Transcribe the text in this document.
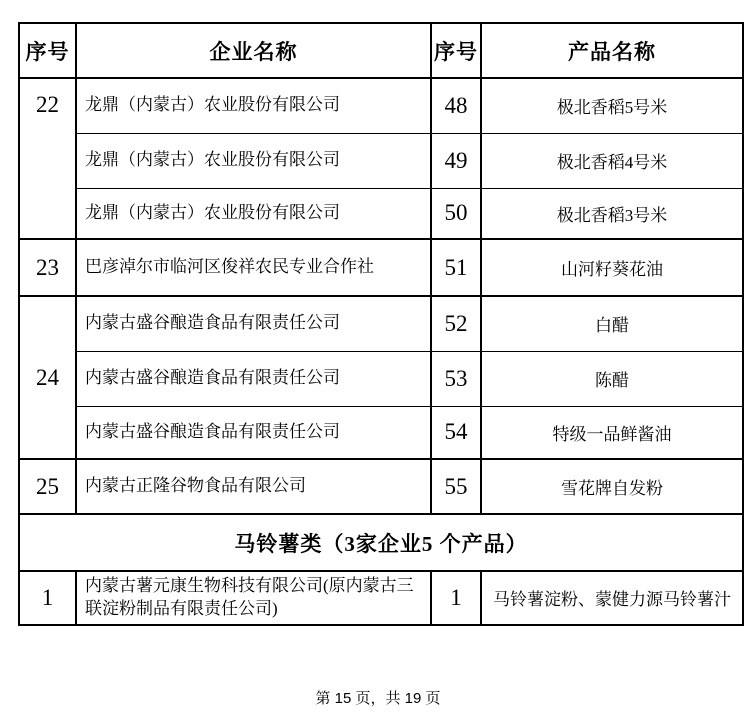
序号	企业名称	序号	产品名称
22	龙鼎（内蒙古）农业股份有限公司	48	极北香稻5号米
	龙鼎（内蒙古）农业股份有限公司	49	极北香稻4号米
	龙鼎（内蒙古）农业股份有限公司	50	极北香稻3号米
23	巴彦淖尔市临河区俊祥农民专业合作社	51	山河籽葵花油
24	内蒙古盛谷酿造食品有限责任公司	52	白醋
	内蒙古盛谷酿造食品有限责任公司	53	陈醋
	内蒙古盛谷酿造食品有限责任公司	54	特级一品鲜酱油
25	内蒙古正隆谷物食品有限公司	55	雪花牌自发粉
马铃薯类（3家企业5 个产品）			
1	内蒙古薯元康生物科技有限公司(原内蒙古三联淀粉制品有限责任公司)	1	马铃薯淀粉、蒙健力源马铃薯汁
第 15 页，共 19 页
